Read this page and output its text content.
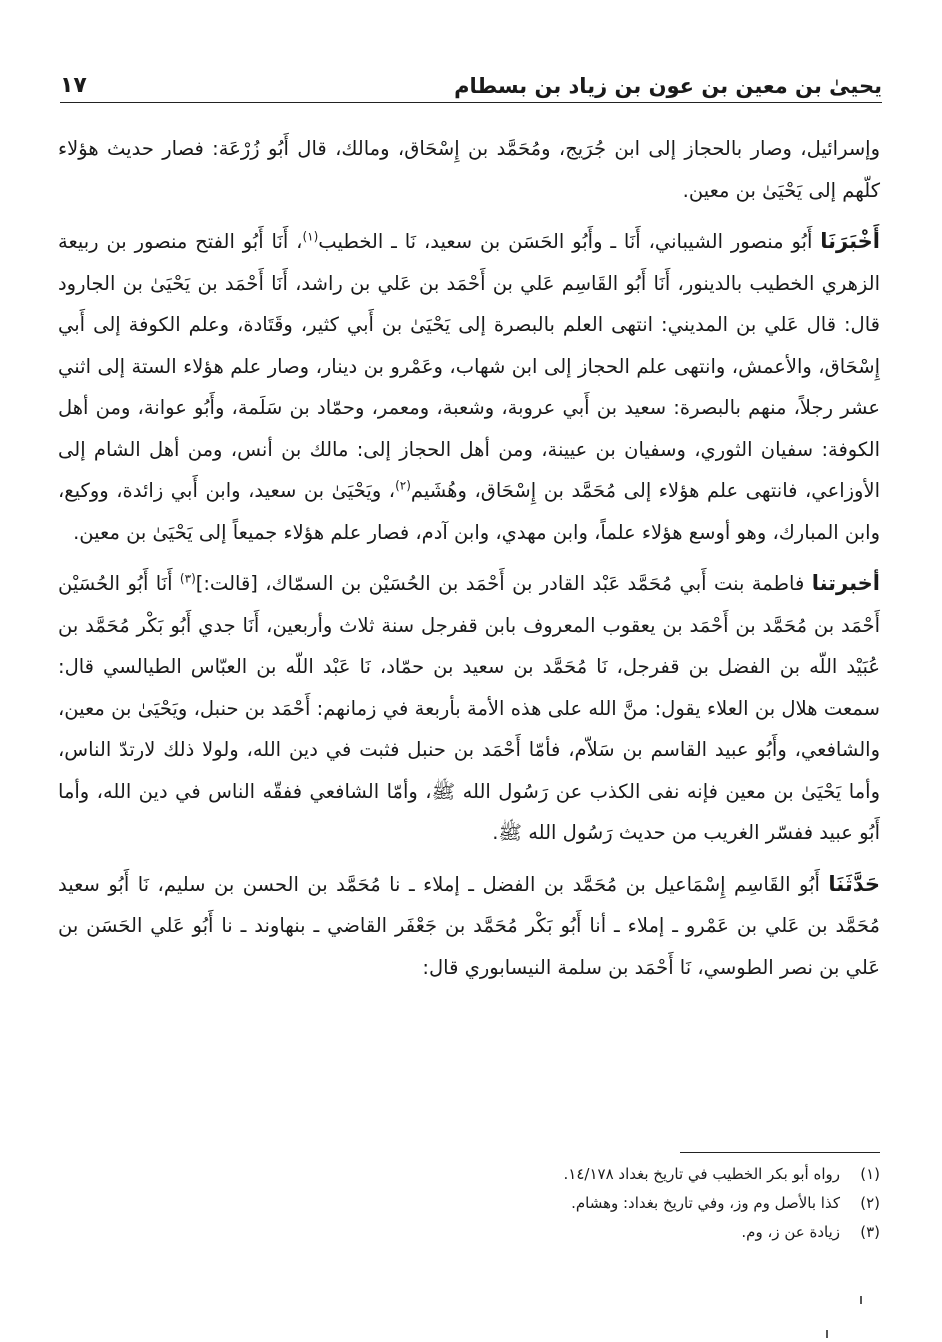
يحيىٰ بن معين بن عون بن زياد بن بسطام
١٧

وإسرائيل، وصار بالحجاز إلى ابن جُرَيج، ومُحَمَّد بن إِسْحَاق، ومالك، قال أَبُو زُرْعَة: فصار حديث هؤلاء كلّهم إلى يَحْيَىٰ بن معين.

أَخْبَرَنَا أَبُو منصور الشيباني، أَنَا ـ وأَبُو الحَسَن بن سعيد، نَا ـ الخطيب$^{(١)}$، أَنَا أَبُو الفتح منصور بن ربيعة الزهري الخطيب بالدينور، أَنَا أَبُو القَاسِم عَلي بن أَحْمَد بن عَلي بن راشد، أَنَا أَحْمَد بن يَحْيَىٰ بن الجارود قال: قال عَلي بن المديني: انتهى العلم بالبصرة إلى يَحْيَىٰ بن أَبي كثير، وقَتَادة، وعلم الكوفة إلى أَبي إِسْحَاق، والأعمش، وانتهى علم الحجاز إلى ابن شهاب، وعَمْرو بن دينار، وصار علم هؤلاء الستة إلى اثني عشر رجلاً، منهم بالبصرة: سعيد بن أَبي عروبة، وشعبة، ومعمر، وحمّاد بن سَلَمة، وأَبُو عوانة، ومن أهل الكوفة: سفيان الثوري، وسفيان بن عيينة، ومن أهل الحجاز إلى: مالك بن أنس، ومن أهل الشام إلى الأوزاعي، فانتهى علم هؤلاء إلى مُحَمَّد بن إِسْحَاق، وهُشَيم$^{(٢)}$، ويَحْيَىٰ بن سعيد، وابن أَبي زائدة، ووكيع، وابن المبارك، وهو أوسع هؤلاء علماً، وابن مهدي، وابن آدم، فصار علم هؤلاء جميعاً إلى يَحْيَىٰ بن معين.

أخبرتنا فاطمة بنت أَبي مُحَمَّد عَبْد القادر بن أَحْمَد بن الحُسَيْن بن السمّاك، [قالت:]$^{(٣)}$ أَنَا أَبُو الحُسَيْن أَحْمَد بن مُحَمَّد بن أَحْمَد بن يعقوب المعروف بابن قفرجل سنة ثلاث وأربعين، أَنَا جدي أَبُو بَكْر مُحَمَّد بن عُبَيْد اللّه بن الفضل بن قفرجل، نَا مُحَمَّد بن سعيد بن حمّاد، نَا عَبْد اللّه بن العبّاس الطيالسي قال: سمعت هلال بن العلاء يقول: منَّ الله على هذه الأمة بأربعة في زمانهم: أَحْمَد بن حنبل، ويَحْيَىٰ بن معين، والشافعي، وأَبُو عبيد القاسم بن سَلاّم، فأمّا أَحْمَد بن حنبل فثبت في دين الله، ولولا ذلك لارتدّ الناس، وأما يَحْيَىٰ بن معين فإنه نفى الكذب عن رَسُول الله ﷺ، وأمّا الشافعي ففقّه الناس في دين الله، وأما أَبُو عبيد ففسّر الغريب من حديث رَسُول الله ﷺ.

حَدَّثَنَا أَبُو القَاسِم إِسْمَاعيل بن مُحَمَّد بن الفضل ـ إملاء ـ نا مُحَمَّد بن الحسن بن سليم، نَا أَبُو سعيد مُحَمَّد بن عَلي بن عَمْرو ـ إملاء ـ أنا أَبُو بَكْر مُحَمَّد بن جَعْفَر القاضي ـ بنهاوند ـ نا أَبُو عَلي الحَسَن بن عَلي بن نصر الطوسي، نَا أَحْمَد بن سلمة النيسابوري قال:

(١)
رواه أبو بكر الخطيب في تاريخ بغداد ١٤/١٧٨.
(٢)
كذا بالأصل وم وز، وفي تاريخ بغداد: وهشام.
(٣)
زيادة عن ز، وم.
